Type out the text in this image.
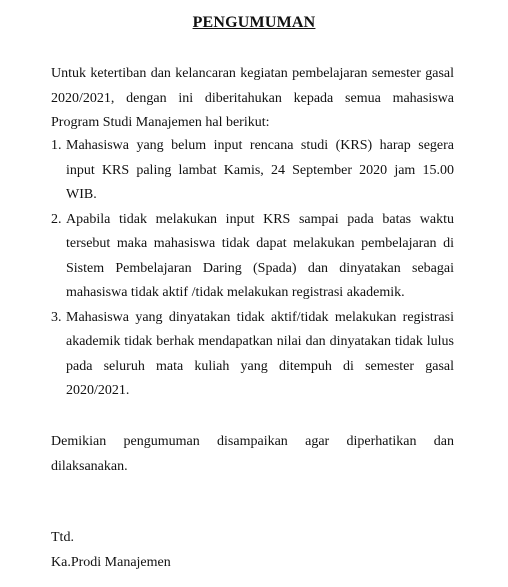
PENGUMUMAN
Untuk ketertiban dan kelancaran kegiatan pembelajaran semester gasal 2020/2021, dengan ini diberitahukan kepada semua mahasiswa Program Studi Manajemen hal berikut:
1. Mahasiswa yang belum input rencana studi (KRS) harap segera input KRS paling lambat Kamis, 24 September 2020 jam 15.00 WIB.
2. Apabila tidak melakukan input KRS sampai pada batas waktu tersebut maka mahasiswa tidak dapat melakukan pembelajaran di Sistem Pembelajaran Daring (Spada) dan dinyatakan sebagai mahasiswa tidak aktif /tidak melakukan registrasi akademik.
3. Mahasiswa yang dinyatakan tidak aktif/tidak melakukan registrasi akademik tidak berhak mendapatkan nilai dan dinyatakan tidak lulus pada seluruh mata kuliah yang ditempuh di semester gasal 2020/2021.
Demikian pengumuman disampaikan agar diperhatikan dan dilaksanakan.
Ttd.
Ka.Prodi Manajemen
